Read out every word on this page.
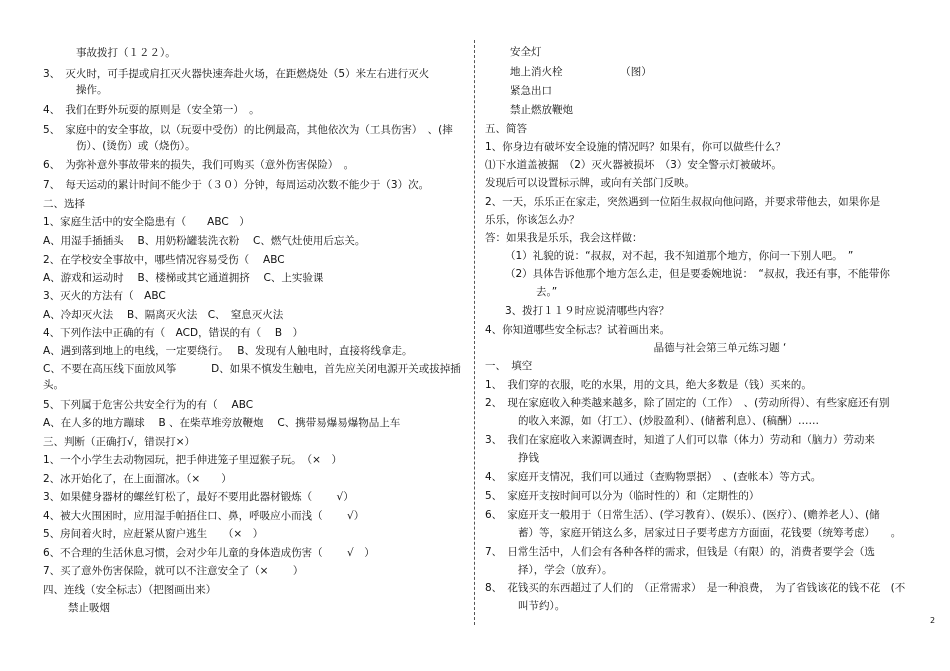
事故拨打（１２２）。
3、　灭火时，可手提或肩扛灭火器快速奔赴火场，在距燃烧处（5）米左右进行灭火
操作。
4、　我们在野外玩耍的原则是（安全第一）　。
5、　家庭中的安全事故，以（玩耍中受伤）的比例最高，其他依次为（工具伤害）　、(摔
伤）、(烫伤）或（烧伤）。
6、　为弥补意外事故带来的损失，我们可购买（意外伤害保险）　。
7、　每天运动的累计时间不能少于（３０）分钟，每周运动次数不能少于（3）次。
二、选择
1、家庭生活中的安全隐患有（　　ABC　）
A、用湿手插插头　 B、用奶粉罐装洗衣粉　 C、燃气灶使用后忘关。
2、在学校安全事故中，哪些情况容易受伤（　 ABC　 　
A、游戏和运动时　 B、楼梯或其它通道拥挤　 C、上实验课
3、灭火的方法有（　ABC
A、冷却灭火法　 B、隔离灭火法　C、　窒息灭火法
4、下列作法中正确的有（　ACD，错误的有（　 B　）
A、遇到落到地上的电线，一定要绕行。　 B、发现有人触电时，直接将线拿走。
C、不要在高压线下面放风筝　　　 D、如果不慎发生触电，首先应关闭电源开关或拔掉插
头。
5、下列属于危害公共安全行为的有（　 ABC
A、在人多的地方蹦球　 B 、在柴草堆旁放鞭炮　 C、携带易爆易爆物品上车
三、判断（正确打√，错误打×）
1、一个小学生去动物园玩，把手伸进笼子里逗猴子玩。　（×　）
2、冰开始化了，在上面溜冰。（×　　）
3、如果健身器材的螺丝钉松了，最好不要用此器材锻炼（　　 √）
4、被大火围困时，应用湿手帕捂住口、鼻，呼吸应小而浅（　　 √）
5、房间着火时，应赶紧从窗户逃生　　（×　）
6、不合理的生活休息习惯，会对少年儿童的身体造成伤害（　　 √　）
7、买了意外伤害保险，就可以不注意安全了（×　　 ）
四、连线（安全标志）（把图画出来）
禁止吸烟
安全灯
地上消火栓　　　　　　（图）
紧急出口
禁止燃放鞭炮
五、简答
1、你身边有破坏安全设施的情况吗？如果有，你可以做些什么？
⑴下水道盖被掘　（2）灭火器被损坏　（3）安全警示灯被破坏。
发现后可以设置标示牌，或向有关部门反映。
2、一天，乐乐正在家走，突然遇到一位陌生叔叔向他问路，并要求带他去，如果你是
乐乐，你该怎么办？
答：如果我是乐乐，我会这样做：
（1）礼貌的说：“叔叔，对不起，我不知道那个地方，你问一下别人吧。　”
（2）具体告诉他那个地方怎么走，但是要委婉地说：　“叔叔，我还有事，不能带你
去。”
3、拨打１１９时应说清哪些内容？
4、你知道哪些安全标志？试着画出来。
晶德与社会第三单元练习题 ‘
一、　填空
1、　我们穿的衣服，吃的水果，用的文具，绝大多数是（钱）买来的。
2、　现在家庭收入种类越来越多，除了固定的（工作）　、(劳动所得）、有些家庭还有别
的收入来源，如（打工）、(炒股盈利）、(储蓄利息）、(稿酬）……
3、　我们在家庭收入来源调查时，知道了人们可以靠（体力）劳动和（脑力）劳动来
挣钱
4、　家庭开支情况，我们可以通过（查购物票据）　、(查帐本）等方式。
5、　家庭开支按时间可以分为（临时性的）和（定期性的）
6、　家庭开支一般用于（日常生活）、(学习教育）、(娱乐）、(医疗）、(赡养老人）、(储
蓄）等，家庭开销这么多，居家过日子要考虑方方面面，花钱要（统筹考虑）　　。
7、　日常生活中，人们会有各种各样的需求，但钱是（有限）的，消费者要学会（选
择），学会（放弃）。
8、　花钱买的东西超过了人们的　（正常需求）　是一种浪费，　为了省钱该花的钱不花　(不
叫节约）。
2
